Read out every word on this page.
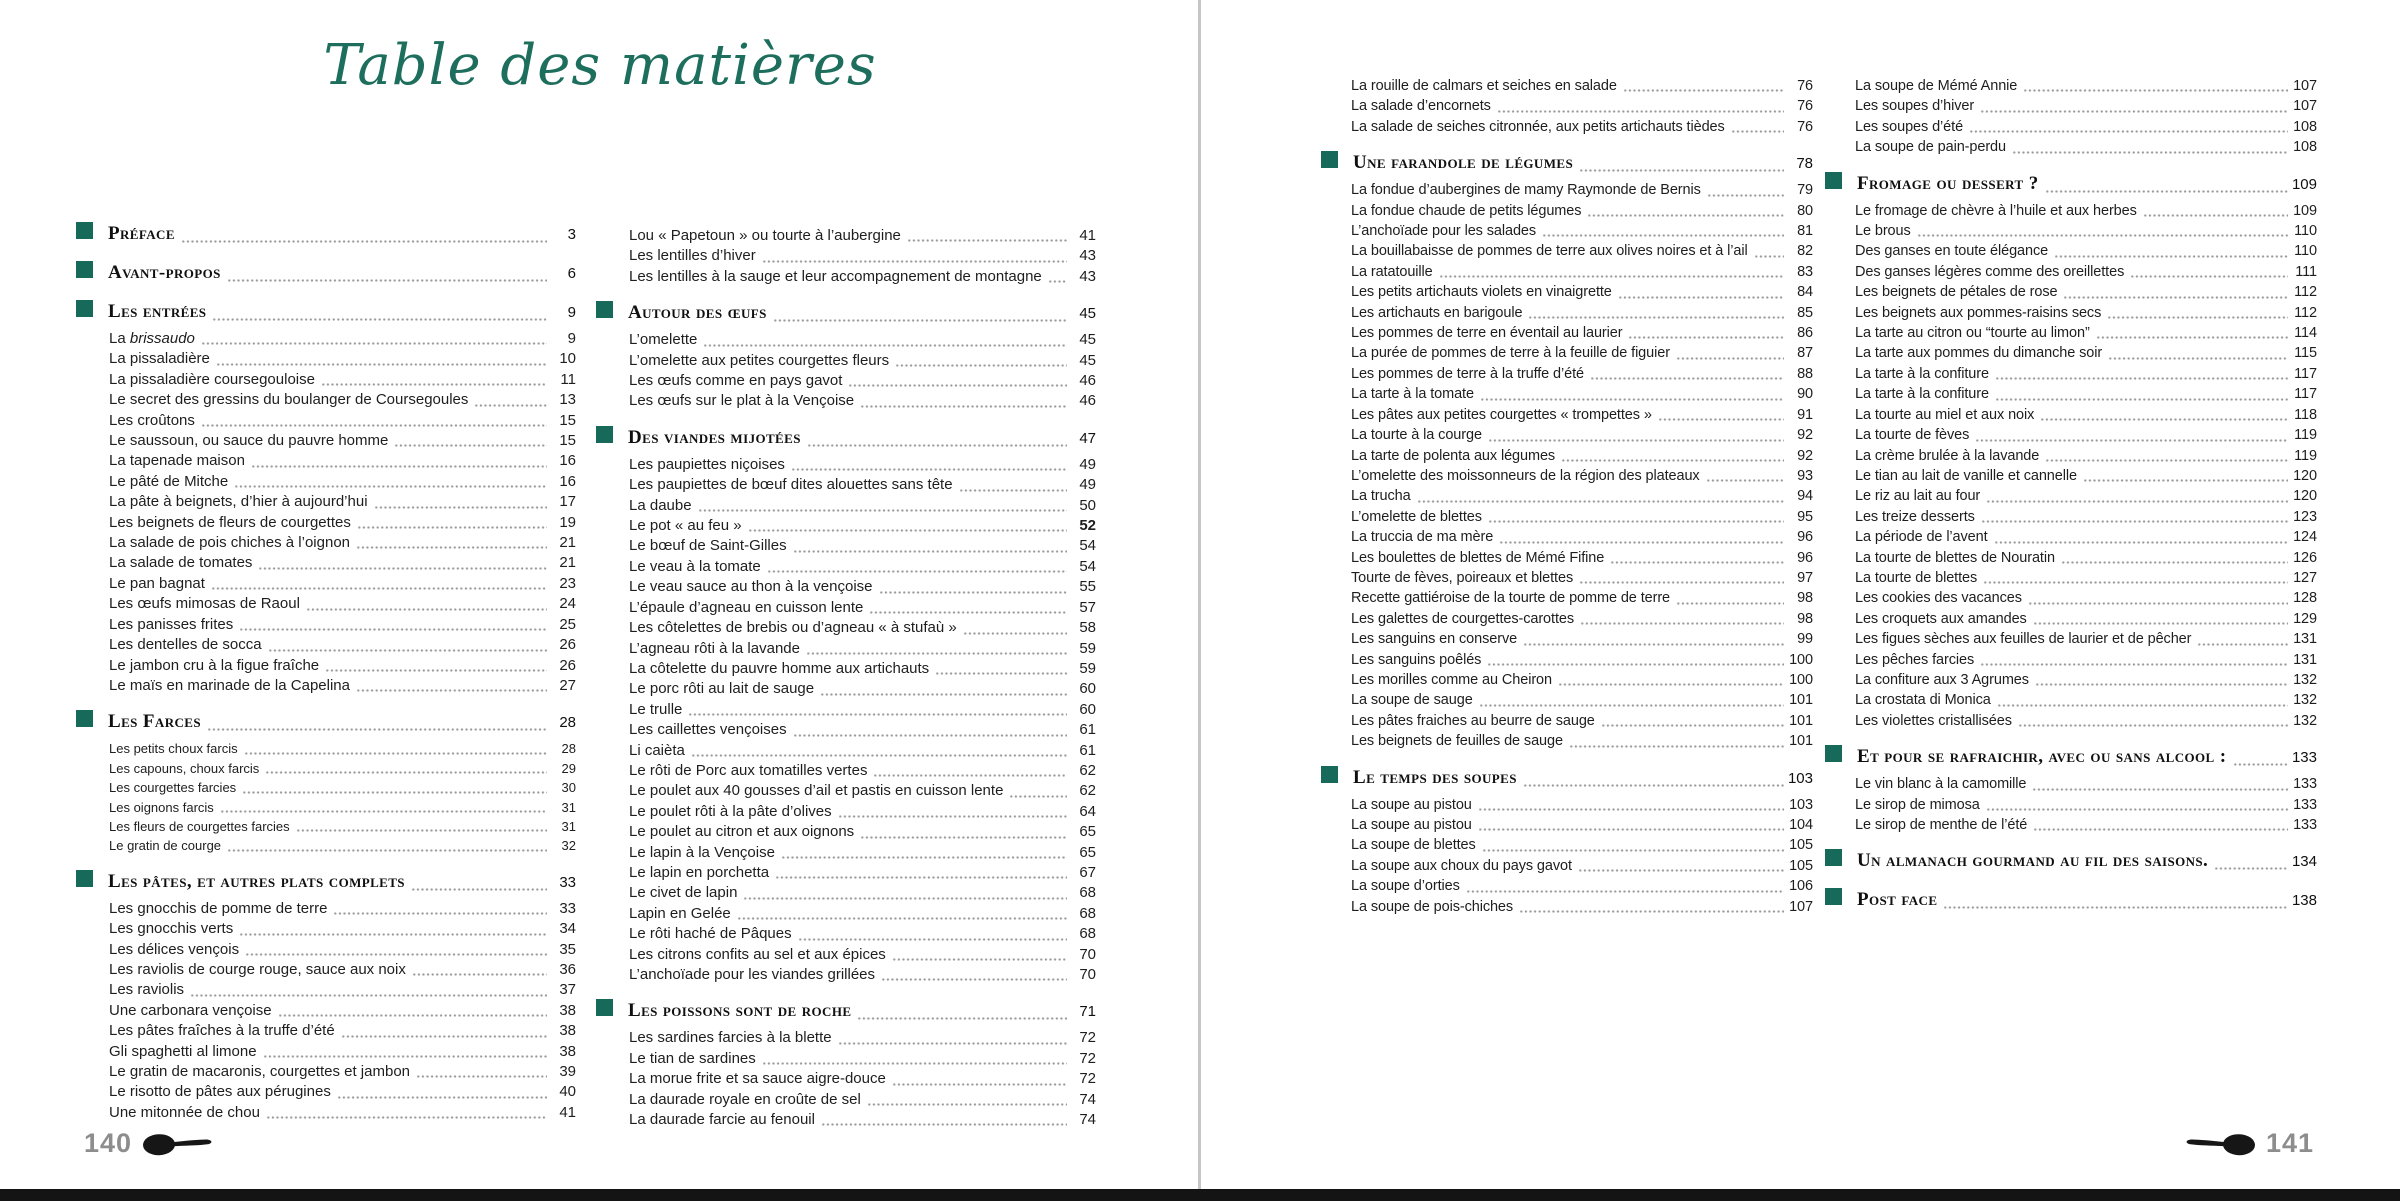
Table des matières
Préface	3
Avant-propos	6
Les entrées	9
La brissaudo	9
La pissaladière	10
La pissaladière coursegouloise	11
Le secret des gressins du boulanger de Coursegoules	13
Les croûtons	15
Le saussoun, ou sauce du pauvre homme	15
La tapenade maison	16
Le pâté de Mitche	16
La pâte à beignets, d’hier à aujourd’hui	17
Les beignets de fleurs de courgettes	19
La salade de pois chiches à l’oignon	21
La salade de tomates	21
Le pan bagnat	23
Les œufs mimosas de Raoul	24
Les panisses frites	25
Les dentelles de socca	26
Le jambon cru à la figue fraîche	26
Le maïs en marinade de la Capelina	27
Les Farces	28
Les petits choux farcis	28
Les capouns, choux farcis	29
Les courgettes farcies	30
Les oignons farcis	31
Les fleurs de courgettes farcies	31
Le gratin de courge	32
Les pâtes, et autres plats complets	33
Les gnocchis de pomme de terre	33
Les gnocchis verts	34
Les délices vençois	35
Les raviolis de courge rouge, sauce aux noix	36
Les raviolis	37
Une carbonara vençoise	38
Les pâtes fraîches à la truffe d’été	38
Gli spaghetti al limone	38
Le gratin de macaronis, courgettes et jambon	39
Le risotto de pâtes aux pérugines	40
Une mitonnée de chou	41
Lou « Papetoun » ou tourte à l’aubergine	41
Les lentilles d’hiver	43
Les lentilles à la sauge et leur accompagnement de montagne	43
Autour des œufs	45
L’omelette	45
L’omelette aux petites courgettes fleurs	45
Les œufs comme en pays gavot	46
Les œufs sur le plat à la Vençoise	46
Des viandes mijotées	47
Les paupiettes niçoises	49
Les paupiettes de bœuf dites alouettes sans tête	49
La daube	50
Le pot « au feu »	52
Le bœuf de Saint-Gilles	54
Le veau à la tomate	54
Le veau sauce au thon à la vençoise	55
L’épaule d’agneau en cuisson lente	57
Les côtelettes de brebis ou d’agneau « à stufaù »	58
L’agneau rôti à la lavande	59
La côtelette du pauvre homme aux artichauts	59
Le porc rôti au lait de sauge	60
Le trulle	60
Les caillettes vençoises	61
Li caièta	61
Le rôti de Porc aux tomatilles vertes	62
Le poulet aux 40 gousses d’ail et pastis en cuisson lente	62
Le poulet rôti à la pâte d’olives	64
Le poulet au citron et aux oignons	65
Le lapin à la Vençoise	65
Le lapin en porchetta	67
Le civet de lapin	68
Lapin en Gelée	68
Le rôti haché de Pâques	68
Les citrons confits au sel et aux épices	70
L’anchoïade pour les viandes grillées	70
Les poissons sont de roche	71
Les sardines farcies à la blette	72
Le tian de sardines	72
La morue frite et sa sauce aigre-douce	72
La daurade royale en croûte de sel	74
La daurade farcie au fenouil	74
140
La rouille de calmars et seiches en salade	76
La salade d’encornets	76
La salade de seiches citronnée, aux petits artichauts tièdes	76
Une farandole de légumes	78
La fondue d’aubergines de mamy Raymonde de Bernis	79
La fondue chaude de petits légumes	80
L’anchoïade pour les salades	81
La bouillabaisse de pommes de terre aux olives noires et à l’ail	82
La ratatouille	83
Les petits artichauts violets en vinaigrette	84
Les artichauts en barigoule	85
Les pommes de terre en éventail au laurier	86
La purée de pommes de terre à la feuille de figuier	87
Les pommes de terre à la truffe d’été	88
La tarte à la tomate	90
Les pâtes aux petites courgettes « trompettes »	91
La tourte à la courge	92
La tarte de polenta aux légumes	92
L’omelette des moissonneurs de la région des plateaux	93
La trucha	94
L’omelette de blettes	95
La truccia de ma mère	96
Les boulettes de blettes de Mémé Fifine	96
Tourte de fèves, poireaux et blettes	97
Recette gattiéroise de la tourte de pomme de terre	98
Les galettes de courgettes-carottes	98
Les sanguins en conserve	99
Les sanguins poêlés	100
Les morilles comme au Cheiron	100
La soupe de sauge	101
Les pâtes fraiches au beurre de sauge	101
Les beignets de feuilles de sauge	101
Le temps des soupes	103
La soupe au pistou	103
La soupe au pistou	104
La soupe de blettes	105
La soupe aux choux du pays gavot	105
La soupe d’orties	106
La soupe de pois-chiches	107
La soupe de Mémé Annie	107
Les soupes d’hiver	107
Les soupes d’été	108
La soupe de pain-perdu	108
Fromage ou dessert ?	109
Le fromage de chèvre à l’huile et aux herbes	109
Le brous	110
Des ganses en toute élégance	110
Des ganses légères comme des oreillettes	111
Les beignets de pétales de rose	112
Les beignets aux pommes-raisins secs	112
La tarte au citron ou “tourte au limon”	114
La tarte aux pommes du dimanche soir	115
La tarte à la confiture	117
La tarte à la confiture	117
La tourte au miel et aux noix	118
La tourte de fèves	119
La crème brulée à la lavande	119
Le tian au lait de vanille et cannelle	120
Le riz au lait au four	120
Les treize desserts	123
La période de l’avent	124
La tourte de blettes de Nouratin	126
La tourte de blettes	127
Les cookies des vacances	128
Les croquets aux amandes	129
Les figues sèches aux feuilles de laurier et de pêcher	131
Les pêches farcies	131
La confiture aux 3 Agrumes	132
La crostata di Monica	132
Les violettes cristallisées	132
Et pour se rafraichir, avec ou sans alcool :	133
Le vin blanc à la camomille	133
Le sirop de mimosa	133
Le sirop de menthe de l’été	133
Un almanach gourmand au fil des saisons.	134
Post face	138
141
